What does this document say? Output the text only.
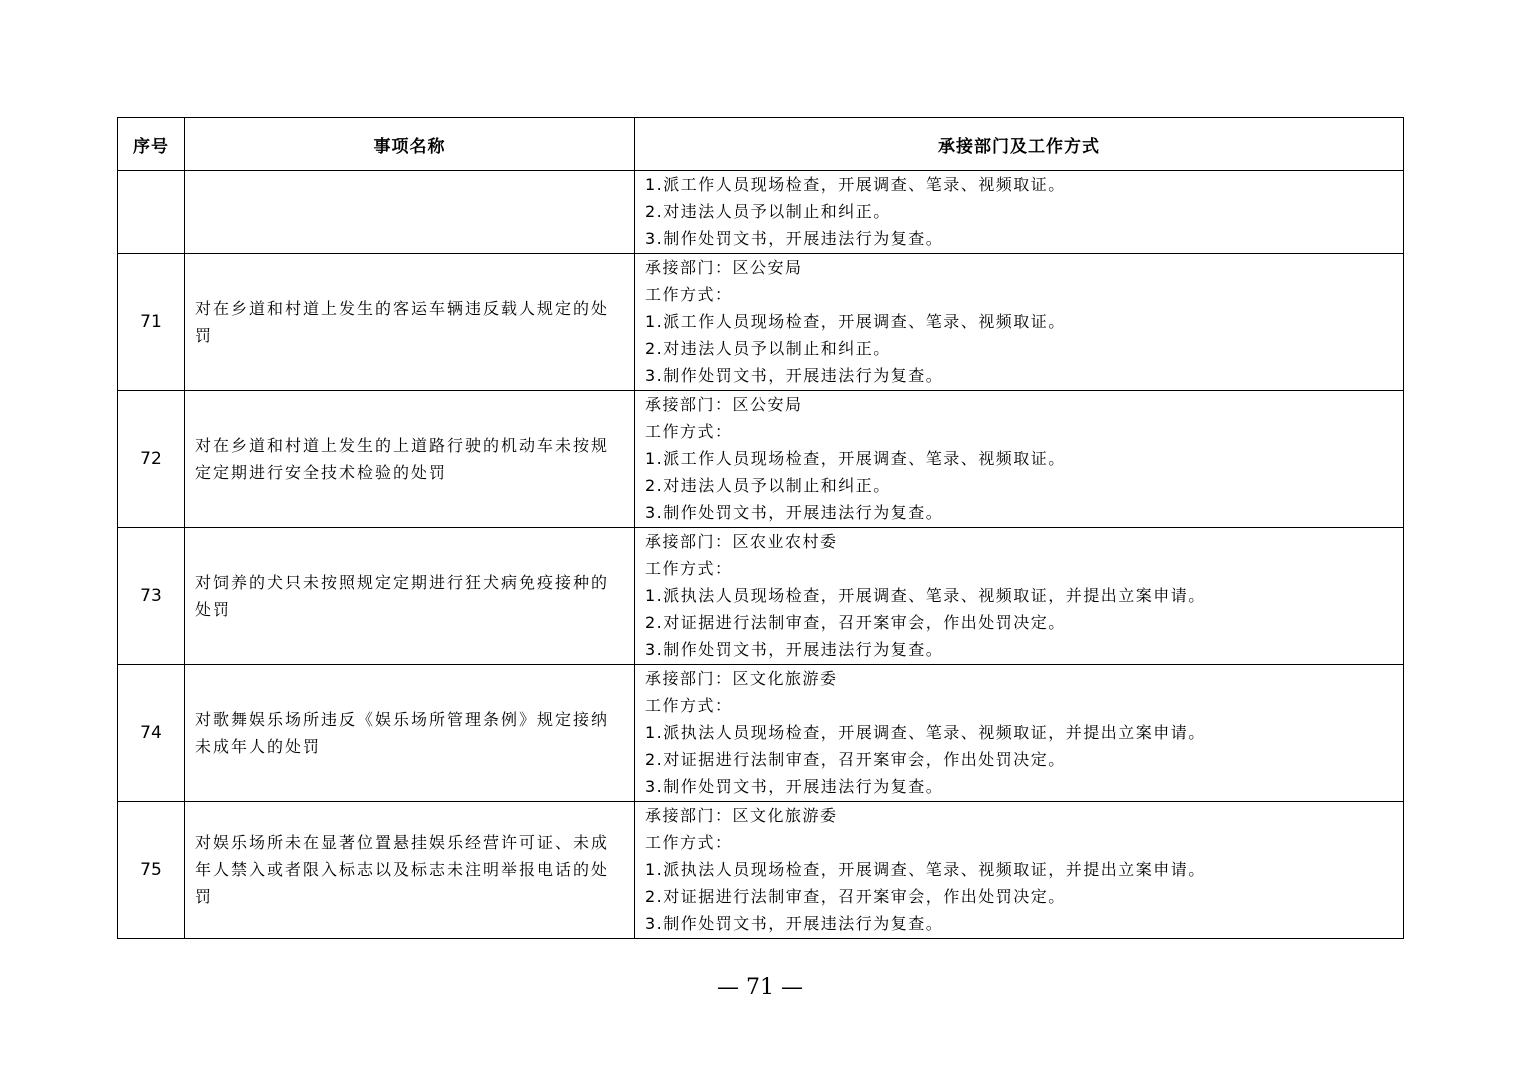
序号	事项名称	承接部门及工作方式

		1.派工作人员现场检查，开展调查、笔录、视频取证。
2.对违法人员予以制止和纠正。
3.制作处罚文书，开展违法行为复查。

71	对在乡道和村道上发生的客运车辆违反载人规定的处罚	承接部门：区公安局
工作方式：
1.派工作人员现场检查，开展调查、笔录、视频取证。
2.对违法人员予以制止和纠正。
3.制作处罚文书，开展违法行为复查。

72	对在乡道和村道上发生的上道路行驶的机动车未按规定定期进行安全技术检验的处罚	承接部门：区公安局
工作方式：
1.派工作人员现场检查，开展调查、笔录、视频取证。
2.对违法人员予以制止和纠正。
3.制作处罚文书，开展违法行为复查。

73	对饲养的犬只未按照规定定期进行狂犬病免疫接种的处罚	承接部门：区农业农村委
工作方式：
1.派执法人员现场检查，开展调查、笔录、视频取证，并提出立案申请。
2.对证据进行法制审查，召开案审会，作出处罚决定。
3.制作处罚文书，开展违法行为复查。

74	对歌舞娱乐场所违反《娱乐场所管理条例》规定接纳未成年人的处罚	承接部门：区文化旅游委
工作方式：
1.派执法人员现场检查，开展调查、笔录、视频取证，并提出立案申请。
2.对证据进行法制审查，召开案审会，作出处罚决定。
3.制作处罚文书，开展违法行为复查。

75	对娱乐场所未在显著位置悬挂娱乐经营许可证、未成年人禁入或者限入标志以及标志未注明举报电话的处罚	承接部门：区文化旅游委
工作方式：
1.派执法人员现场检查，开展调查、笔录、视频取证，并提出立案申请。
2.对证据进行法制审查，召开案审会，作出处罚决定。
3.制作处罚文书，开展违法行为复查。
— 71 —
